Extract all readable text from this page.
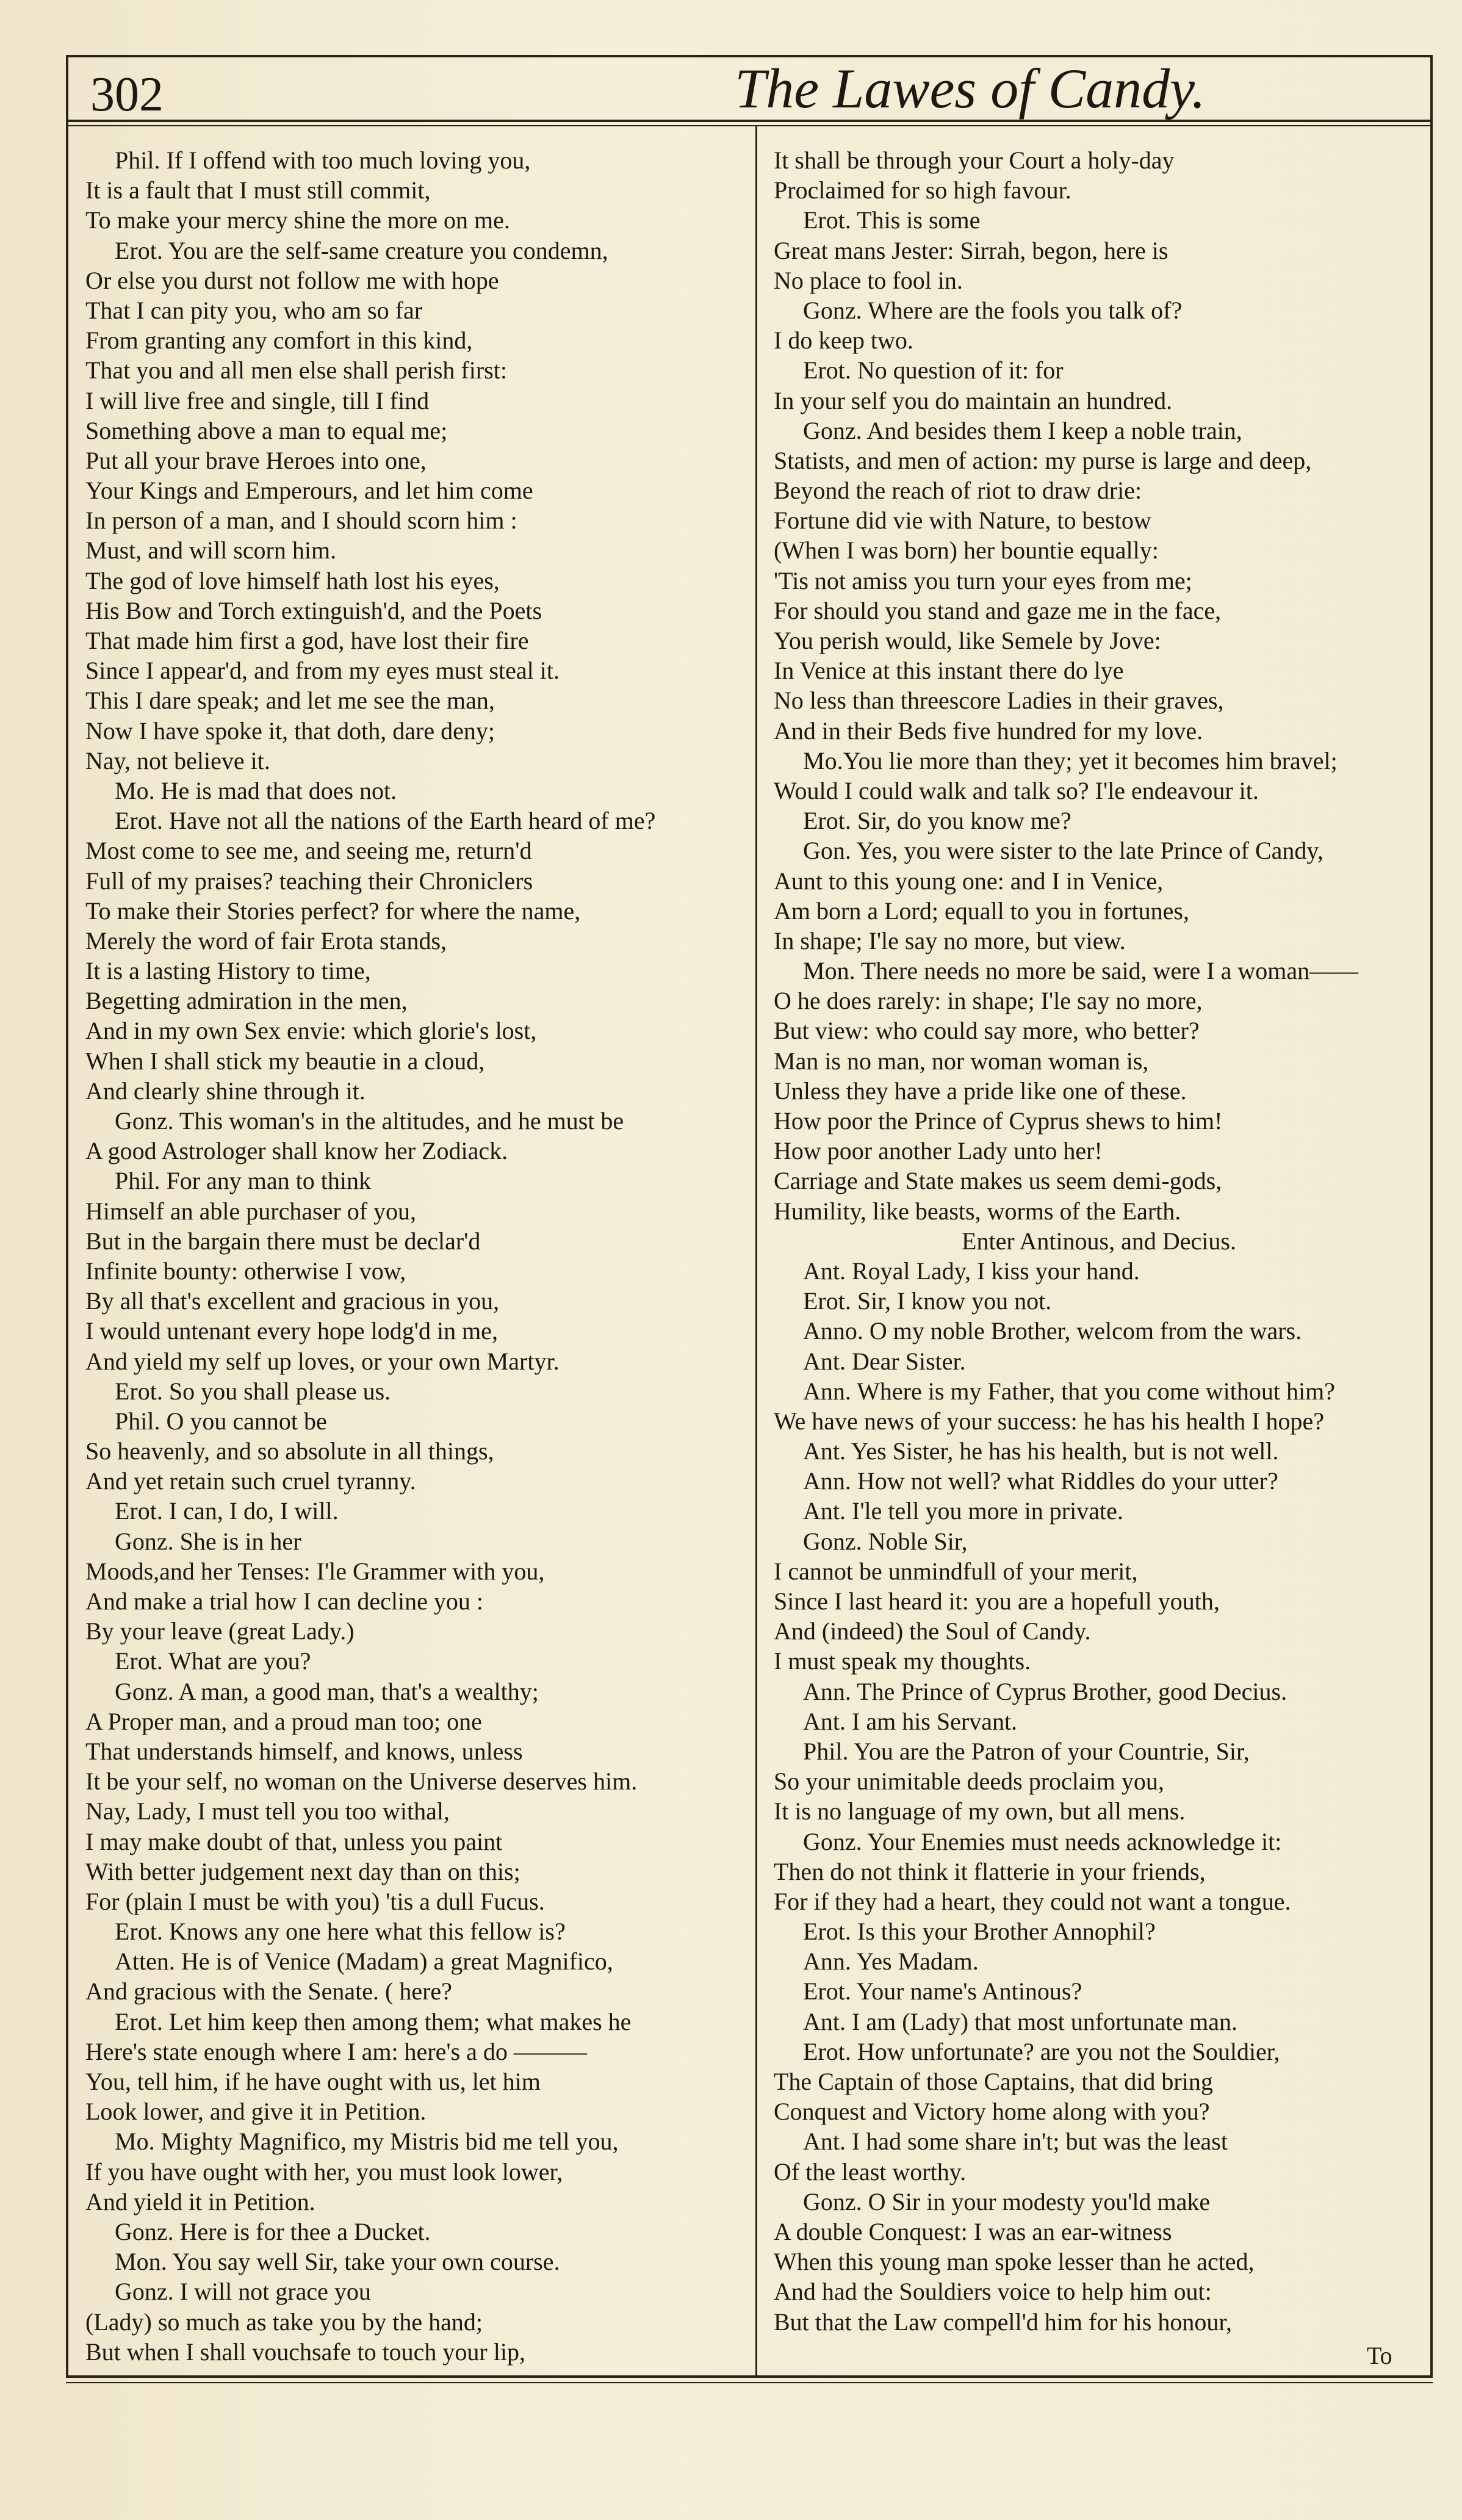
302	The Lawes of Candy.
Phil. If I offend with too much loving you,
It is a fault that I must still commit,
To make your mercy shine the more on me.
Erot. You are the self-same creature you condemn,
Or else you durst not follow me with hope
That I can pity you, who am so far
From granting any comfort in this kind,
That you and all men else shall perish first:
I will live free and single, till I find
Something above a man to equal me;
Put all your brave Heroes into one,
Your Kings and Emperours, and let him come
In person of a man, and I should scorn him :
Must, and will scorn him.
The god of love himself hath lost his eyes,
His Bow and Torch extinguish'd, and the Poets
That made him first a god, have lost their fire
Since I appear'd, and from my eyes must steal it.
This I dare speak; and let me see the man,
Now I have spoke it, that doth, dare deny;
Nay, not believe it.
Mo. He is mad that does not.
Erot. Have not all the nations of the Earth heard of me?
Most come to see me, and seeing me, return'd
Full of my praises? teaching their Chroniclers
To make their Stories perfect? for where the name,
Merely the word of fair Erota stands,
It is a lasting History to time,
Begetting admiration in the men,
And in my own Sex envie: which glorie's lost,
When I shall stick my beautie in a cloud,
And clearly shine through it.
Gonz. This woman's in the altitudes, and he must be
A good Astrologer shall know her Zodiack.
Phil. For any man to think
Himself an able purchaser of you,
But in the bargain there must be declar'd
Infinite bounty: otherwise I vow,
By all that's excellent and gracious in you,
I would untenant every hope lodg'd in me,
And yield my self up loves, or your own Martyr.
Erot. So you shall please us.
Phil. O you cannot be
So heavenly, and so absolute in all things,
And yet retain such cruel tyranny.
Erot. I can, I do, I will.
Gonz. She is in her
Moods,and her Tenses: I'le Grammer with you,
And make a trial how I can decline you :
By your leave (great Lady.)
Erot. What are you?
Gonz. A man, a good man, that's a wealthy;
A Proper man, and a proud man too; one
That understands himself, and knows, unless
It be your self, no woman on the Universe deserves him.
Nay, Lady, I must tell you too withal,
I may make doubt of that, unless you paint
With better judgement next day than on this;
For (plain I must be with you) 'tis a dull Fucus.
Erot. Knows any one here what this fellow is?
Atten. He is of Venice (Madam) a great Magnifico,
And gracious with the Senate. ( here?
Erot. Let him keep then among them; what makes he
Here's state enough where I am: here's a do ———
You, tell him, if he have ought with us, let him
Look lower, and give it in Petition.
Mo. Mighty Magnifico, my Mistris bid me tell you,
If you have ought with her, you must look lower,
And yield it in Petition.
Gonz. Here is for thee a Ducket.
Mon. You say well Sir, take your own course.
Gonz. I will not grace you
(Lady) so much as take you by the hand;
But when I shall vouchsafe to touch your lip,
It shall be through your Court a holy-day
Proclaimed for so high favour.
Erot. This is some
Great mans Jester: Sirrah, begon, here is
No place to fool in.
Gonz. Where are the fools you talk of?
I do keep two.
Erot. No question of it: for
In your self you do maintain an hundred.
Gonz. And besides them I keep a noble train,
Statists, and men of action: my purse is large and deep,
Beyond the reach of riot to draw drie:
Fortune did vie with Nature, to bestow
(When I was born) her bountie equally:
'Tis not amiss you turn your eyes from me;
For should you stand and gaze me in the face,
You perish would, like Semele by Jove:
In Venice at this instant there do lye
No less than threescore Ladies in their graves,
And in their Beds five hundred for my love.
Mo.You lie more than they; yet it becomes him bravel;
Would I could walk and talk so? I'le endeavour it.
Erot. Sir, do you know me?
Gon. Yes, you were sister to the late Prince of Candy,
Aunt to this young one: and I in Venice,
Am born a Lord; equall to you in fortunes,
In shape; I'le say no more, but view.
Mon. There needs no more be said, were I a woman——
O he does rarely: in shape; I'le say no more,
But view: who could say more, who better?
Man is no man, nor woman woman is,
Unless they have a pride like one of these.
How poor the Prince of Cyprus shews to him!
How poor another Lady unto her!
Carriage and State makes us seem demi-gods,
Humility, like beasts, worms of the Earth.
Enter Antinous, and Decius.
Ant. Royal Lady, I kiss your hand.
Erot. Sir, I know you not.
Anno. O my noble Brother, welcom from the wars.
Ant. Dear Sister.
Ann. Where is my Father, that you come without him?
We have news of your success: he has his health I hope?
Ant. Yes Sister, he has his health, but is not well.
Ann. How not well? what Riddles do your utter?
Ant. I'le tell you more in private.
Gonz. Noble Sir,
I cannot be unmindfull of your merit,
Since I last heard it: you are a hopefull youth,
And (indeed) the Soul of Candy.
I must speak my thoughts.
Ann. The Prince of Cyprus Brother, good Decius.
Ant. I am his Servant.
Phil. You are the Patron of your Countrie, Sir,
So your unimitable deeds proclaim you,
It is no language of my own, but all mens.
Gonz. Your Enemies must needs acknowledge it:
Then do not think it flatterie in your friends,
For if they had a heart, they could not want a tongue.
Erot. Is this your Brother Annophil?
Ann. Yes Madam.
Erot. Your name's Antinous?
Ant. I am (Lady) that most unfortunate man.
Erot. How unfortunate? are you not the Souldier,
The Captain of those Captains, that did bring
Conquest and Victory home along with you?
Ant. I had some share in't; but was the least
Of the least worthy.
Gonz. O Sir in your modesty you'ld make
A double Conquest: I was an ear-witness
When this young man spoke lesser than he acted,
And had the Souldiers voice to help him out:
But that the Law compell'd him for his honour,
To
